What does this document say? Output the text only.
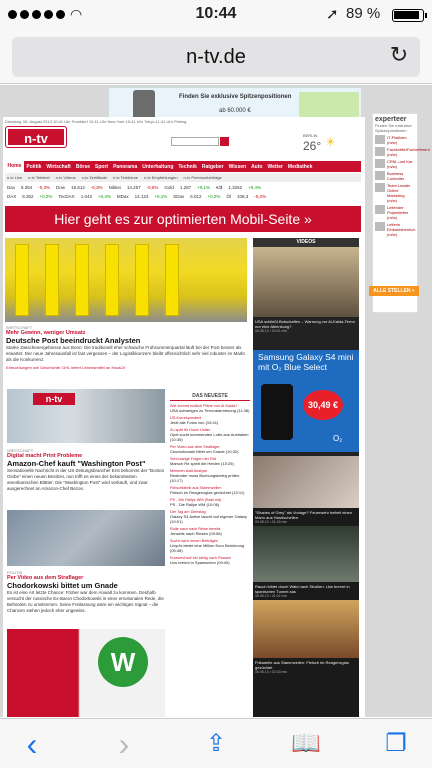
◠	10:44	➚ 89 %
n-tv.de	↻
Finden Sie exklusive Spitzenpositionen
ab 60.000 €
experteer
Finden Sie exklusive Spitzenpositionen
IT-Platform (m/w)
Fachkräfte/Fachreferent (m/w)
CRM- und Kar (m/w)
Business Controller
Team Leader Online Marketing (m/w)
Leitender Projektleiter (m/w)
Leiterin Einkaufsbereich (m/w)
ALLE STELLEN »
Dienstag, 06. August 2013 10:41 Uhr Frankfurt 10:41 Uhr New York 10:41 Uhr Tokyo 11:41 Uhr Peking
n-tv	BERLIN
26° ☀
Home	Politik	Wirtschaft	Börse	Sport	Panorama	Unterhaltung	Technik	Ratgeber	Wissen	Auto	Wetter	Mediathek
n-tv Live n-tv Teletext n-tv Videos n-tv Zertifikate n-tv Telebörse n-tv Empfehlungen n-tv Premiumbeiträge
Dax 8.354 -0,3% Dow 15.612 -0,3% Nikkei 14.257 -0,5% Gold 1.287 +0,1% €/$ 1,3262 +0,4%
DAX 8.362 +0,2% TecDAX 1.043 +0,4% MDax 14.123 +0,1% SDax 6.012 +0,2% Öl 108,3 -0,2%
Hier geht es zur optimierten Mobil-Seite »
WIRTSCHAFT
Mehr Gewinn, weniger Umsatz
Deutsche Post beeindruckt Analysten
Starke Zwischenergebnisse aus Bonn: Die traditionell eher schwache Frühsommerquartal läuft bei der Post besser als erwartet. Der neue Jahresausfall ist fast vergessen – der Logistikkonzern bleibt offensichtlich sehr viel robuster im Markt als die Konkurrenz.
Erleuchtungen wie Geschichte: DHL liefert Lebensmittel an HausOr
n-tv
WIRTSCHAFT
Digital macht Print Probleme
Amazon-Chef kauft "Washington Post"
Sensationelle Nachricht in der US-Zeitungsbranche! Erst bekommt der "Boston Globe" einen neuen Besitzer, nun trifft es eines der bekanntesten amerikanischen Blätter: Die "Washington Post" wird verkauft, und zwar ausgerechnet an Amazon-Chef Bezos.
POLITIK
Per Video aus dem Straflager
Chodorkowski bittet um Gnade
Es ist eine Art letzte Chance: Früher war dem Anwalt zu kommen. Deshalb versucht der russische Ex-Baron Chodorkowski in einer emotionalen Rede, die Behörden zu umstimmen. Seine Freilassung wäre ein wichtiges Signal – die Chancen stehen jedoch eher ungewiss.
W
DAS NEUESTE
Wie kommt endlich Pläne von Al-Kaida?
USA schweigen zu Terroralarmierung (11:38)
US-Korrespondent
Jetzt alle Fotos von (10:41)
Zu spät für Down Under
Opel sucht kommenden Lotto aus Australien (10:35)
Per Video aus dem Straflager
Chodorkowski bittet um Gnade (10:32)
Schmutzige Folgen der Rüt
Marsch Re spielt die Helden (10:25)
Mimmen statt Analyse
Redender muss Buchungsbeleg prüfen (10:17)
Fleischfabrik aus Stammzellen
Fleisch im Reagenzglas gezüchtet (10:11)
PS - Die Rallye WM (Rast mit)
PS - Die Rallye WM (10:06)
Der Tag am Dienstag
Galaxy S4 Active taucht auf eigener Galaxy (10:01)
Rolle nach nach Reise bereits
Jenseits nach Riesen (09:56)
Sucht nach neuen Beiträgen
Lloyd's bietet eine Million Euro Belohnung (09:48)
Kurswechsel bei stetig nach Russen
Lkw brennt in Spanischen (09:40)
VIDEOS
USA schließt Botschaften – Warnung vor Al-Kaida-Terror nur eine Ablenkung?
06.08.13 • 04:41 min
Samsung Galaxy S4 mini mit O₂ Blue Select
30,49 €
O₂
"Shades of Grey" als Vorlage? Feuerwehr befreit einen Mann aus Handschellen
06.08.13 • 01:26 min
Rauch bildet durch Wald nach Straßen: Lkw brennt in spanischen Tunnel aus
06.08.13 • 01:02 min
Frikadelle aus Stammzellen: Fleisch im Reagenzglas gezüchtet
06.08.13 • 02:33 min
‹	›	⇪	📖	❐
